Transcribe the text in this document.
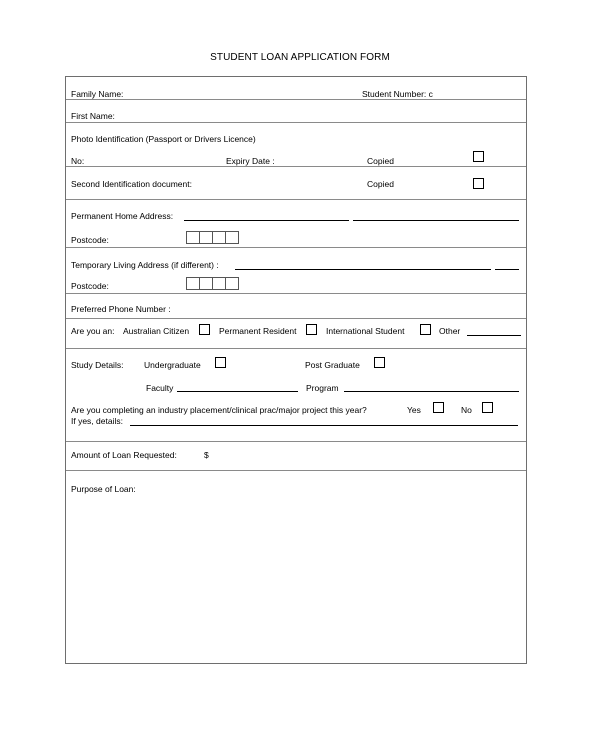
STUDENT LOAN APPLICATION FORM
Family Name:	Student Number: c
First Name:
Photo Identification (Passport or Drivers Licence)
No:	Expiry Date :	Copied
Second Identification document:	Copied
Permanent Home Address:
Postcode:
Temporary Living Address (if different) :
Postcode:
Preferred Phone Number :
Are you an: Australian Citizen	Permanent Resident	International Student	Other
Study Details: Undergraduate	Post Graduate
Faculty	Program
Are you completing an industry placement/clinical prac/major project this year?	Yes	No
If yes, details:
Amount of Loan Requested:	$
Purpose of Loan:
